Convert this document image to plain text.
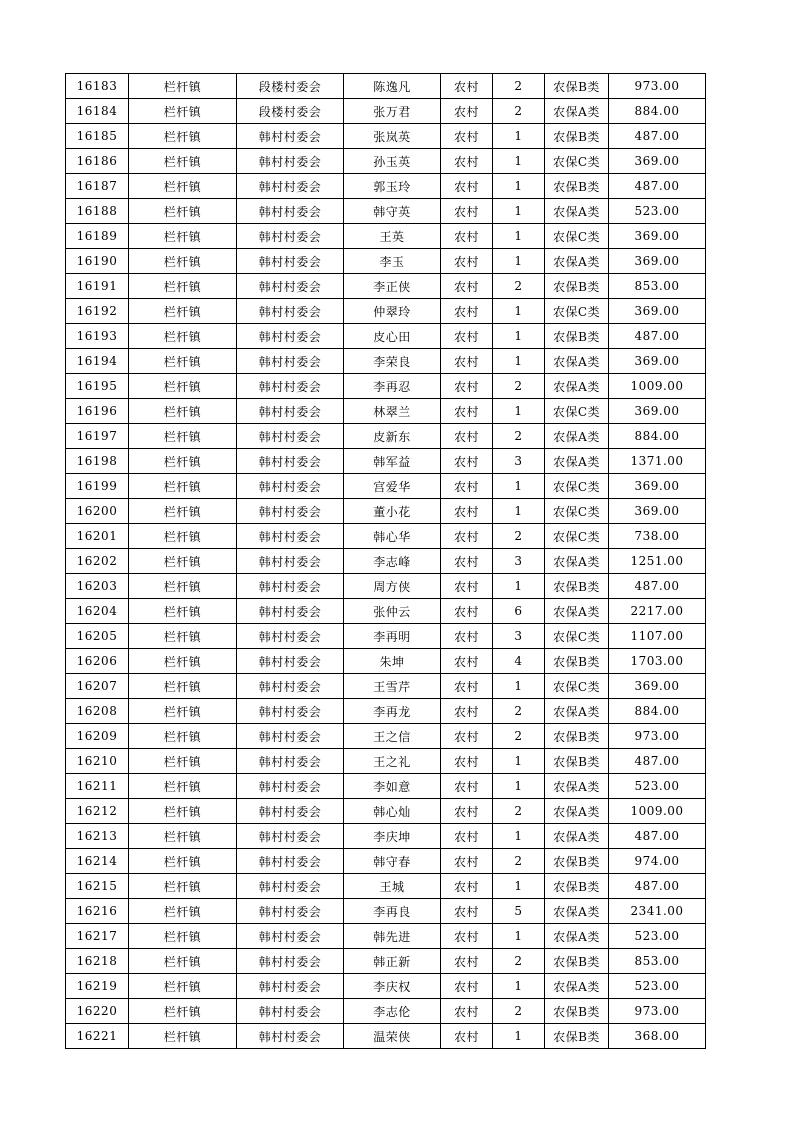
16183	栏杆镇	段楼村委会	陈逸凡	农村	2	农保B类	973.00
16184	栏杆镇	段楼村委会	张万君	农村	2	农保A类	884.00
16185	栏杆镇	韩村村委会	张岚英	农村	1	农保B类	487.00
16186	栏杆镇	韩村村委会	孙玉英	农村	1	农保C类	369.00
16187	栏杆镇	韩村村委会	郭玉玲	农村	1	农保B类	487.00
16188	栏杆镇	韩村村委会	韩守英	农村	1	农保A类	523.00
16189	栏杆镇	韩村村委会	王英	农村	1	农保C类	369.00
16190	栏杆镇	韩村村委会	李玉	农村	1	农保A类	369.00
16191	栏杆镇	韩村村委会	李正侠	农村	2	农保B类	853.00
16192	栏杆镇	韩村村委会	仲翠玲	农村	1	农保C类	369.00
16193	栏杆镇	韩村村委会	皮心田	农村	1	农保B类	487.00
16194	栏杆镇	韩村村委会	李荣良	农村	1	农保A类	369.00
16195	栏杆镇	韩村村委会	李再忍	农村	2	农保A类	1009.00
16196	栏杆镇	韩村村委会	林翠兰	农村	1	农保C类	369.00
16197	栏杆镇	韩村村委会	皮新东	农村	2	农保A类	884.00
16198	栏杆镇	韩村村委会	韩军益	农村	3	农保A类	1371.00
16199	栏杆镇	韩村村委会	宫爱华	农村	1	农保C类	369.00
16200	栏杆镇	韩村村委会	董小花	农村	1	农保C类	369.00
16201	栏杆镇	韩村村委会	韩心华	农村	2	农保C类	738.00
16202	栏杆镇	韩村村委会	李志峰	农村	3	农保A类	1251.00
16203	栏杆镇	韩村村委会	周方侠	农村	1	农保B类	487.00
16204	栏杆镇	韩村村委会	张仲云	农村	6	农保A类	2217.00
16205	栏杆镇	韩村村委会	李再明	农村	3	农保C类	1107.00
16206	栏杆镇	韩村村委会	朱坤	农村	4	农保B类	1703.00
16207	栏杆镇	韩村村委会	王雪芹	农村	1	农保C类	369.00
16208	栏杆镇	韩村村委会	李再龙	农村	2	农保A类	884.00
16209	栏杆镇	韩村村委会	王之信	农村	2	农保B类	973.00
16210	栏杆镇	韩村村委会	王之礼	农村	1	农保B类	487.00
16211	栏杆镇	韩村村委会	李如意	农村	1	农保A类	523.00
16212	栏杆镇	韩村村委会	韩心灿	农村	2	农保A类	1009.00
16213	栏杆镇	韩村村委会	李庆坤	农村	1	农保A类	487.00
16214	栏杆镇	韩村村委会	韩守春	农村	2	农保B类	974.00
16215	栏杆镇	韩村村委会	王城	农村	1	农保B类	487.00
16216	栏杆镇	韩村村委会	李再良	农村	5	农保A类	2341.00
16217	栏杆镇	韩村村委会	韩先进	农村	1	农保A类	523.00
16218	栏杆镇	韩村村委会	韩正新	农村	2	农保B类	853.00
16219	栏杆镇	韩村村委会	李庆权	农村	1	农保A类	523.00
16220	栏杆镇	韩村村委会	李志伦	农村	2	农保B类	973.00
16221	栏杆镇	韩村村委会	温荣侠	农村	1	农保B类	368.00
